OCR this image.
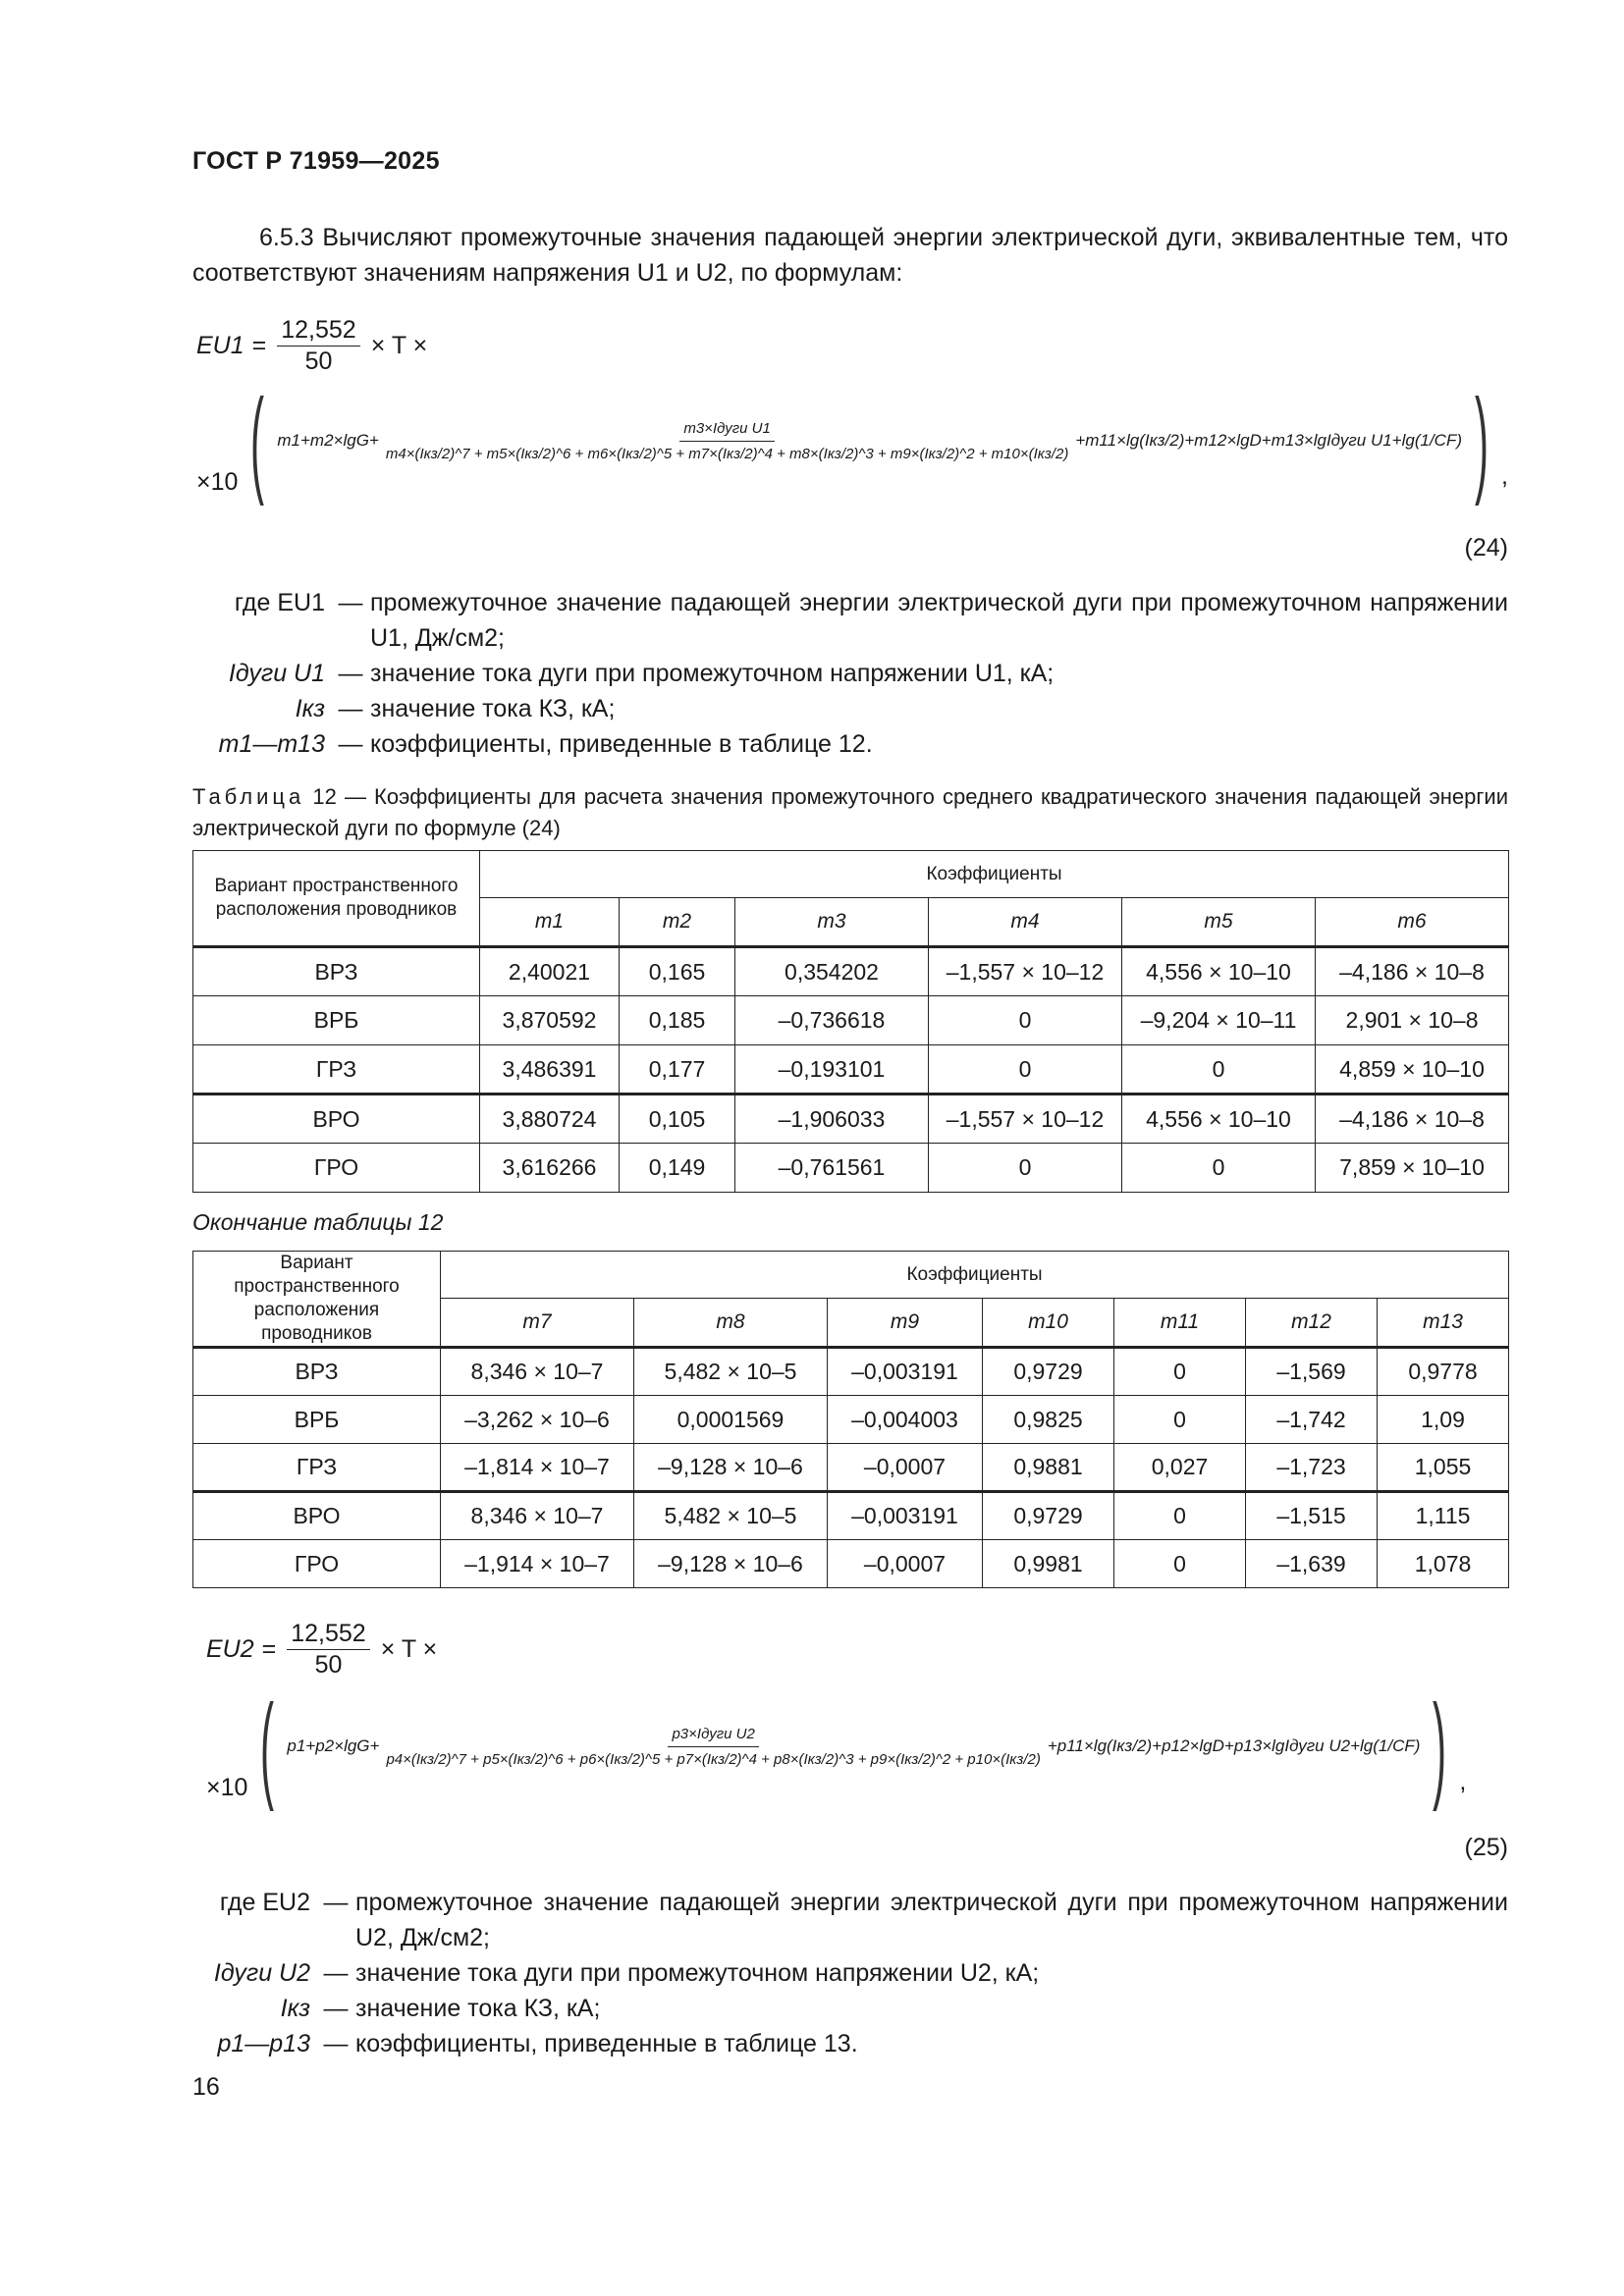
ГОСТ Р 71959—2025
6.5.3 Вычисляют промежуточные значения падающей энергии электрической дуги, эквивалентные тем, что соответствуют значениям напряжения U1 и U2, по формулам:
$EU1 = \frac{12,552}{50} \times T$ ×
×10 ( m1+m2×lgG+
m3×Iдуги U1
m4×(Iкз/2)^7 + m5×(Iкз/2)^6 + m6×(Iкз/2)^5 + m7×(Iкз/2)^4 + m8×(Iкз/2)^3 + m9×(Iкз/2)^2 + m10×(Iкз/2)
+m11×lg(Iкз/2)+m12×lgD+m13×lgIдуги U1+lg(1/CF) ) ,
(24)
где EU1 — промежуточное значение падающей энергии электрической дуги при промежуточном напряжении U1, Дж/см2;
Iдуги U1 — значение тока дуги при промежуточном напряжении U1, кА;
Iкз — значение тока КЗ, кА;
m1—m13 — коэффициенты, приведенные в таблице 12.
Таблица 12 — Коэффициенты для расчета значения промежуточного среднего квадратического значения падающей энергии электрической дуги по формуле (24)
Вариант пространственного расположения проводников	Коэффициенты					
	m1	m2	m3	m4	m5	m6
ВРЗ	2,40021	0,165	0,354202	–1,557 × 10–12	4,556 × 10–10	–4,186 × 10–8
ВРБ	3,870592	0,185	–0,736618	0	–9,204 × 10–11	2,901 × 10–8
ГРЗ	3,486391	0,177	–0,193101	0	0	4,859 × 10–10
ВРО	3,880724	0,105	–1,906033	–1,557 × 10–12	4,556 × 10–10	–4,186 × 10–8
ГРО	3,616266	0,149	–0,761561	0	0	7,859 × 10–10
Окончание таблицы 12
Вариант пространственного расположения проводников	Коэффициенты						
	m7	m8	m9	m10	m11	m12	m13
ВРЗ	8,346 × 10–7	5,482 × 10–5	–0,003191	0,9729	0	–1,569	0,9778
ВРБ	–3,262 × 10–6	0,0001569	–0,004003	0,9825	0	–1,742	1,09
ГРЗ	–1,814 × 10–7	–9,128 × 10–6	–0,0007	0,9881	0,027	–1,723	1,055
ВРО	8,346 × 10–7	5,482 × 10–5	–0,003191	0,9729	0	–1,515	1,115
ГРО	–1,914 × 10–7	–9,128 × 10–6	–0,0007	0,9981	0	–1,639	1,078
$EU2 = \frac{12,552}{50} \times T$ ×
×10 ( p1+p2×lgG+
p3×Iдуги U2
p4×(Iкз/2)^7 + p5×(Iкз/2)^6 + p6×(Iкз/2)^5 + p7×(Iкз/2)^4 + p8×(Iкз/2)^3 + p9×(Iкз/2)^2 + p10×(Iкз/2)
+p11×lg(Iкз/2)+p12×lgD+p13×lgIдуги U2+lg(1/CF) ) ,
(25)
где EU2 — промежуточное значение падающей энергии электрической дуги при промежуточном напряжении U2, Дж/см2;
Iдуги U2 — значение тока дуги при промежуточном напряжении U2, кА;
Iкз — значение тока КЗ, кА;
p1—p13 — коэффициенты, приведенные в таблице 13.
16
